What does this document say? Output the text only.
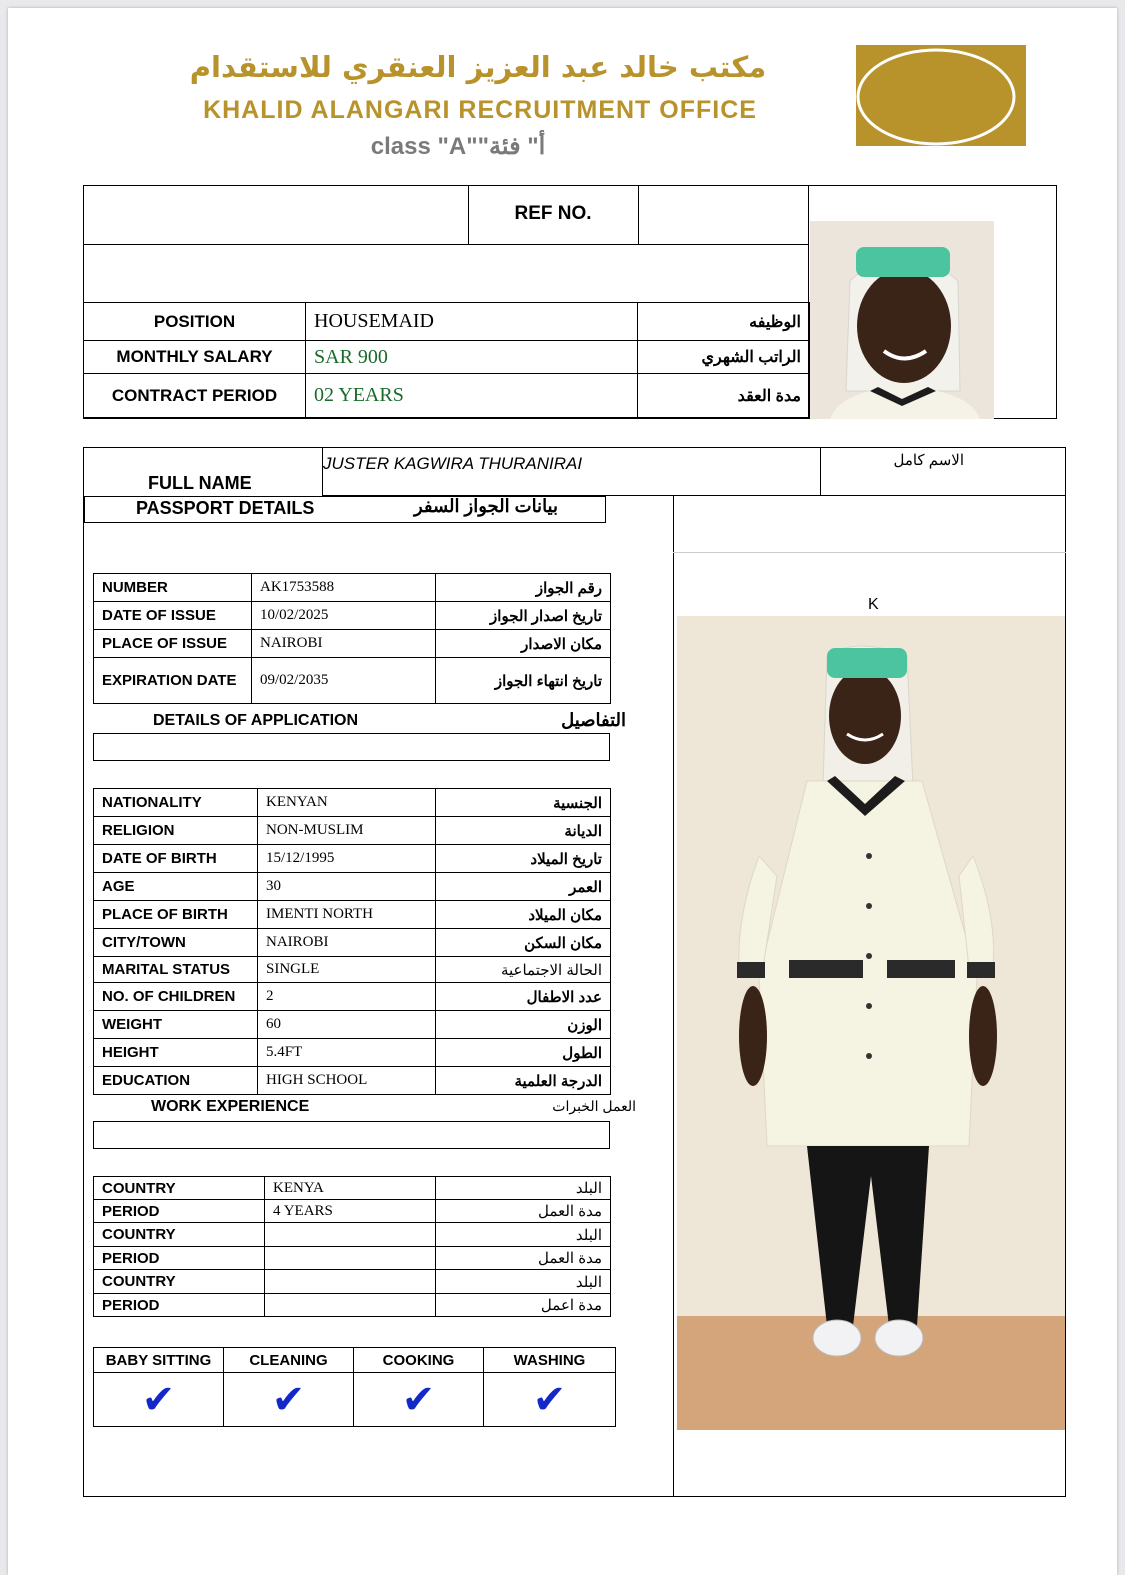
مكتب خالد عبد العزيز العنقري للاستقدام
KHALID ALANGARI RECRUITMENT OFFICE
class "A""أ" فئة
REF NO.
POSITION	HOUSEMAID	الوظيفه
MONTHLY SALARY	SAR 900	الراتب الشهري
CONTRACT PERIOD	02 YEARS	مدة العقد
FULL NAME
JUSTER KAGWIRA THURANIRAI	الاسم كامل
PASSPORT DETAILS	بيانات الجواز السفر
NUMBER	AK1753588	رقم الجواز
DATE OF ISSUE	10/02/2025	تاريخ اصدار الجواز
PLACE OF ISSUE	NAIROBI	مكان الاصدار
EXPIRATION DATE	09/02/2035	تاريخ انتهاء الجواز
DETAILS OF APPLICATION	التفاصيل
NATIONALITY	KENYAN	الجنسية
RELIGION	NON-MUSLIM	الديانة
DATE OF BIRTH	15/12/1995	تاريخ الميلاد
AGE	30	العمر
PLACE OF BIRTH	IMENTI NORTH	مكان الميلاد
CITY/TOWN	NAIROBI	مكان السكن
MARITAL STATUS	SINGLE	الحالة الاجتماعية
NO. OF CHILDREN	2	عدد الاطفال
WEIGHT	60	الوزن
HEIGHT	5.4FT	الطول
EDUCATION	HIGH SCHOOL	الدرجة العلمية
WORK EXPERIENCE	العمل الخبرات
COUNTRY	KENYA	البلد
PERIOD	4 YEARS	مدة العمل
COUNTRY		البلد
PERIOD		مدة العمل
COUNTRY		البلد
PERIOD		مدة اعمل
BABY SITTING	CLEANING	COOKING	WASHING
✔	✔	✔	✔
K
